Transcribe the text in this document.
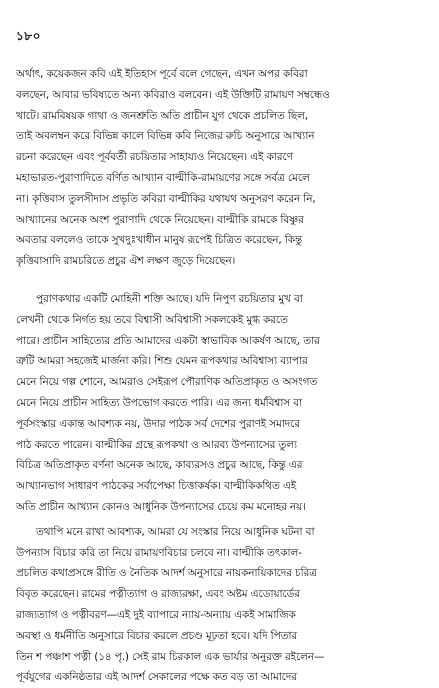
১৮০
অর্থাৎ, কয়েকজন কবি এই ইতিহাস পূর্বে বলে গেছেন, এখন অপর কবিরা
বলছেন, আবার ভবিষ্যতে অন্য কবিরাও বলবেন। এই উক্তিটি রামায়ণ সম্বন্ধেও
খাটে। রামবিষয়ক গাথা ও জনশ্রুতি অতি প্রাচীন যুগ থেকে প্রচলিত ছিল,
তাই অবলম্বন করে বিভিন্ন কালে বিভিন্ন কবি নিজের রুচি অনুসারে আখ্যান
রচনা করেছেন এবং পূর্ববর্তী রচয়িতার সাহায্যও নিয়েছেন। এই কারণে
মহাভারত-পুরাণাদিতে বর্ণিত আখ্যান বাল্মীকি-রামায়ণের সঙ্গে সর্বত্র মেলে
না। কৃত্তিবাস তুলসীদাস প্রভৃতি কবিরা বাল্মীকির যথাযথ অনুসরণ করেন নি,
আখ্যানের অনেক অংশ পুরাণাদি থেকে নিয়েছেন। বাল্মীকি রামকে বিষ্ণুর
অবতার বললেও তাকে সুখদুঃখাধীন মানুষ রূপেই চিত্রিত করেছেন, কিন্তু
কৃত্তিবাসাদি রামচরিতে প্রচুর ঐশ লক্ষণ জুড়ে দিয়েছেন।
পুরাণকথার একটি মোহিনী শক্তি আছে। যদি নিপুণ রচয়িতার মুখ বা
লেখনী থেকে নির্গত হয় তবে বিশ্বাসী অবিশ্বাসী সকলকেই মুগ্ধ করতে
পারে। প্রাচীন সাহিত্যের প্রতি আমাদের একটা স্বাভাবিক আকর্ষণ আছে, তার
ত্রুটি আমরা সহজেই মার্জনা করি। শিশু যেমন রূপকথার অবিশ্বাস্য ব্যাপার
মেনে নিয়ে গল্প শোনে, আমরাও সেইরূপ পৌরাণিক অতিপ্রাকৃত ও অসংগত
মেনে নিয়ে প্রাচীন সাহিত্য উপভোগ করতে পারি। এর জন্য ধর্মবিশ্বাস বা
পূর্বসংস্কার একান্ত আবশ্যক নয়, উদার পাঠক সর্ব দেশের পুরাণই সমাদরে
পাঠ করতে পারেন। বাল্মীকির গ্রন্থে রূপকথা ও আরব্য উপন্যাসের তুল্য
বিচিত্র অতিপ্রাকৃত বর্ণনা অনেক আছে, কাব্যরসও প্রচুর আছে, কিন্তু এর
আখ্যানভাগ সাধারণ পাঠকের সর্বাপেক্ষা চিত্তাকর্ষক। বাল্মীকিকথিত এই
অতি প্রাচীন আখ্যান কোনও আধুনিক উপন্যাসের চেয়ে কম মনোহর নয়।
তথাপি মনে রাখা আবশ্যক, আমরা যে সংস্কার নিয়ে আধুনিক ঘটনা বা
উপন্যাস বিচার করি তা নিয়ে রামায়ণবিচার চলবে না। বাল্মীকি তৎকাল-
প্রচলিত কথাপ্রসঙ্গে রীতি ও নৈতিক আদর্শ অনুসারে নায়কনায়িকাদের চরিত্র
বিবৃত করেছেন। রামের পত্নীত্যাগ ও রাজ্যরক্ষা, এবং অষ্টম এডোয়ার্ডের
রাজ্যত্যাগ ও পত্নীবরণ—এই দুই ব্যাপারে ন্যায়-অন্যায় একই সামাজিক
অবস্থা ও ধর্মনীতি অনুসারে বিচার করলে প্রচণ্ড মূঢ়তা হবে। যদি পিতার
তিন শ পঞ্চাশ পত্নী (১৪ পৃ.) সেই রাম চিরকাল এক ভার্যার অনুরক্ত রইলেন—
পূর্বযুগের একনিষ্ঠতার এই আদর্শ সেকালের পক্ষে কত বড় তা আমাদের
